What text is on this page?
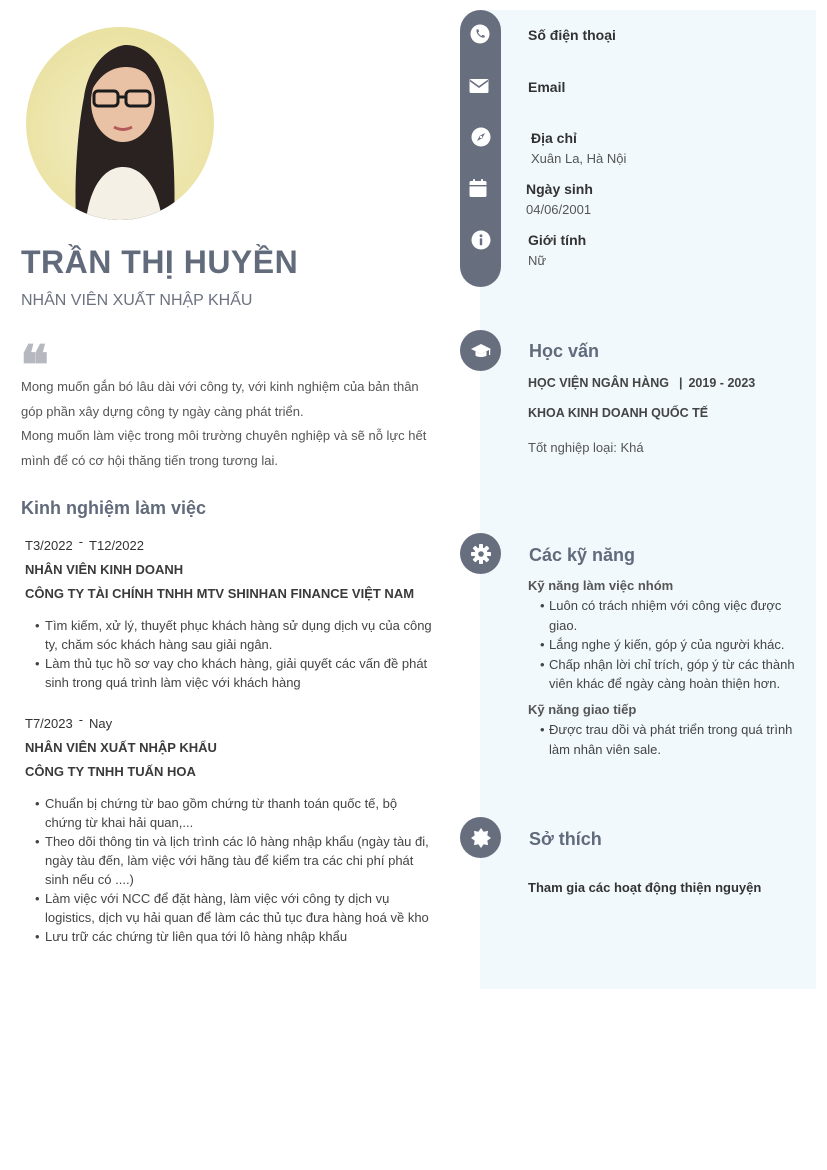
TRẦN THỊ HUYỀN
NHÂN VIÊN XUẤT NHẬP KHẨU
❝
Mong muốn gắn bó lâu dài với công ty, với kinh nghiệm của bản thân
góp phần xây dựng công ty ngày càng phát triển.
Mong muốn làm việc trong môi trường chuyên nghiệp và sẽ nỗ lực hết
mình để có cơ hội thăng tiến trong tương lai.
Kinh nghiệm làm việc
T3/2022 - T12/2022
NHÂN VIÊN KINH DOANH
CÔNG TY TÀI CHÍNH TNHH MTV SHINHAN FINANCE VIỆT NAM
• Tìm kiếm, xử lý, thuyết phục khách hàng sử dụng dịch vụ của công ty, chăm sóc khách hàng sau giải ngân.
• Làm thủ tục hồ sơ vay cho khách hàng, giải quyết các vấn đề phát sinh trong quá trình làm việc với khách hàng
T7/2023 - Nay
NHÂN VIÊN XUẤT NHẬP KHẨU
CÔNG TY TNHH TUẤN HOA
• Chuẩn bị chứng từ bao gồm chứng từ thanh toán quốc tế, bộ chứng từ khai hải quan,...
• Theo dõi thông tin và lịch trình các lô hàng nhập khẩu (ngày tàu đi, ngày tàu đến, làm việc với hãng tàu để kiểm tra các chi phí phát sinh nếu có ....)
• Làm việc với NCC để đặt hàng, làm việc với công ty dịch vụ logistics, dịch vụ hải quan để làm các thủ tục đưa hàng hoá về kho
• Lưu trữ các chứng từ liên qua tới lô hàng nhập khẩu
Số điện thoại
Email
Địa chỉ
Xuân La, Hà Nội
Ngày sinh
04/06/2001
Giới tính
Nữ
Học vấn
HỌC VIỆN NGÂN HÀNG | 2019 - 2023
KHOA KINH DOANH QUỐC TẾ
Tốt nghiệp loại: Khá
Các kỹ năng
Kỹ năng làm việc nhóm
• Luôn có trách nhiệm với công việc được giao.
• Lắng nghe ý kiến, góp ý của người khác.
• Chấp nhận lời chỉ trích, góp ý từ các thành viên khác để ngày càng hoàn thiện hơn.
Kỹ năng giao tiếp
• Được trau dồi và phát triển trong quá trình làm nhân viên sale.
Sở thích
Tham gia các hoạt động thiện nguyện
